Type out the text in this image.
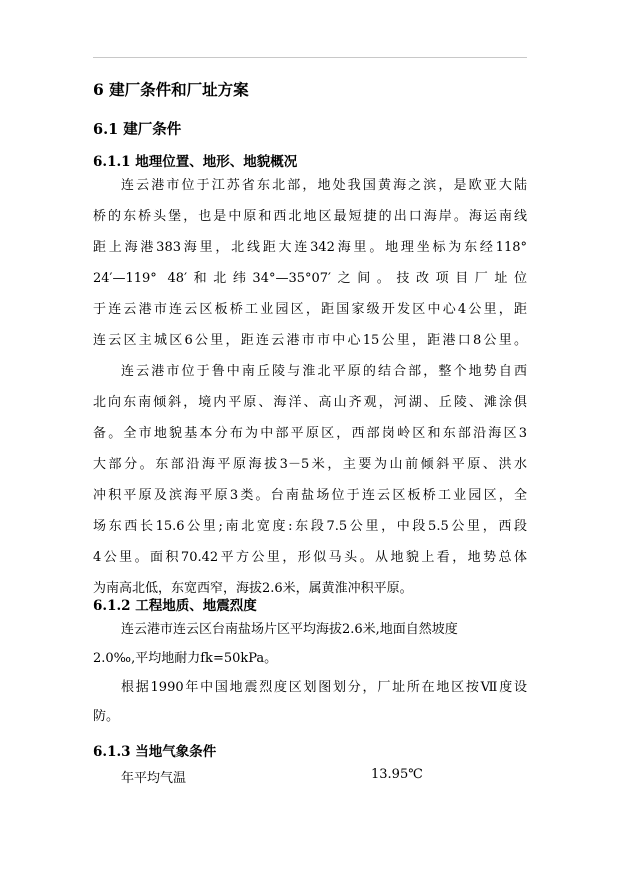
6 建厂条件和厂址方案
6.1 建厂条件
6.1.1 地理位置、地形、地貌概况
连云港市位于江苏省东北部，地处我国黄海之滨，是欧亚大陆
桥的东桥头堡，也是中原和西北地区最短捷的出口海岸。海运南线
距上海港383海里，北线距大连342海里。地理坐标为东经118°
24′—119° 48′和北纬34°—35°07′之间。技改项目厂址位
于连云港市连云区板桥工业园区，距国家级开发区中心4公里，距
连云区主城区6公里，距连云港市市中心15公里，距港口8公里。
连云港市位于鲁中南丘陵与淮北平原的结合部，整个地势自西
北向东南倾斜，境内平原、海洋、高山齐观，河湖、丘陵、滩涂俱
备。全市地貌基本分布为中部平原区，西部岗岭区和东部沿海区3
大部分。东部沿海平原海拔3－5米，主要为山前倾斜平原、洪水
冲积平原及滨海平原3类。台南盐场位于连云区板桥工业园区，全
场东西长15.6公里;南北宽度:东段7.5公里，中段5.5公里，西段
4公里。面积70.42平方公里，形似马头。从地貌上看，地势总体
为南高北低，东宽西窄，海拔2.6米，属黄淮冲积平原。
6.1.2 工程地质、地震烈度
连云港市连云区台南盐场片区平均海拔2.6米,地面自然坡度
2.0‰,平均地耐力fk=50kPa。
根据1990年中国地震烈度区划图划分，厂址所在地区按Ⅶ度设
防。
6.1.3 当地气象条件
年平均气温	13.95℃
